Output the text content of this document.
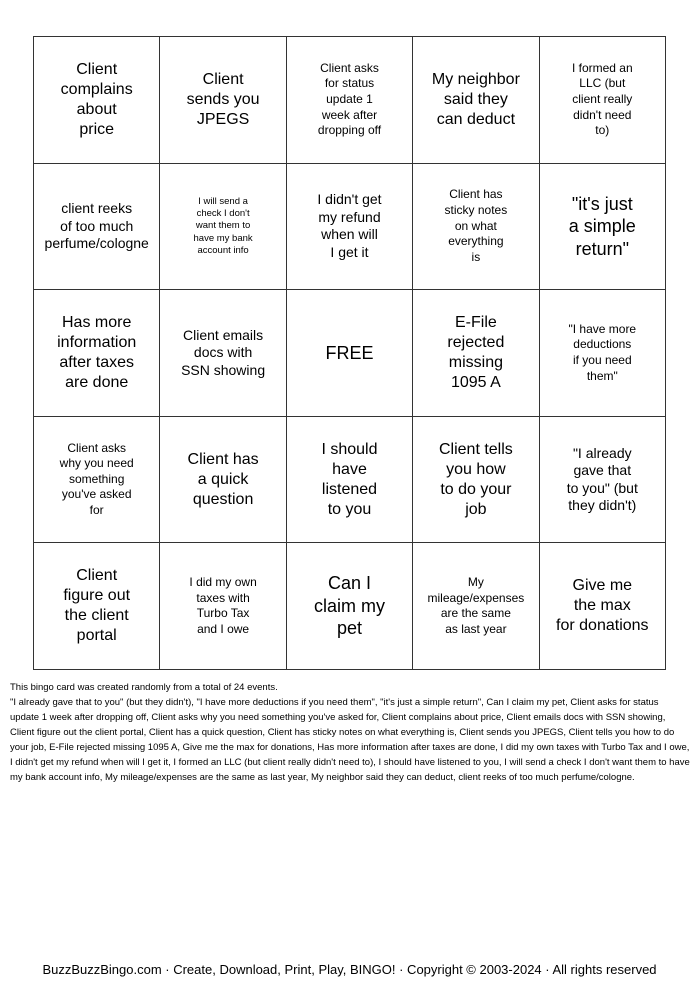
Client
complains
about
price
Client
sends you
JPEGS
Client asks
for status
update 1
week after
dropping off
My neighbor
said they
can deduct
I formed an
LLC (but
client really
didn't need
to)
client reeks
of too much
perfume/cologne
I will send a
check I don't
want them to
have my bank
account info
I didn't get
my refund
when will
I get it
Client has
sticky notes
on what
everything
is
"it's just
a simple
return"
Has more
information
after taxes
are done
Client emails
docs with
SSN showing
FREE
E-File
rejected
missing
1095 A
"I have more
deductions
if you need
them"
Client asks
why you need
something
you've asked
for
Client has
a quick
question
I should
have
listened
to you
Client tells
you how
to do your
job
"I already
gave that
to you" (but
they didn't)
Client
figure out
the client
portal
I did my own
taxes with
Turbo Tax
and I owe
Can I
claim my
pet
My
mileage/expenses
are the same
as last year
Give me
the max
for donations

This bingo card was created randomly from a total of 24 events.

"I already gave that to you" (but they didn't), "I have more deductions if you need them", "it's just a simple return", Can I claim my pet, Client asks for status update 1 week after dropping off, Client asks why you need something you've asked for, Client complains about price, Client emails docs with SSN showing, Client figure out the client portal, Client has a quick question, Client has sticky notes on what everything is, Client sends you JPEGS, Client tells you how to do your job, E-File rejected missing 1095 A, Give me the max for donations, Has more information after taxes are done, I did my own taxes with Turbo Tax and I owe, I didn't get my refund when will I get it, I formed an LLC (but client really didn't need to), I should have listened to you, I will send a check I don't want them to have my bank account info, My mileage/expenses are the same as last year, My neighbor said they can deduct, client reeks of too much perfume/cologne.

BuzzBuzzBingo.com · Create, Download, Print, Play, BINGO! · Copyright © 2003-2024 · All rights reserved
